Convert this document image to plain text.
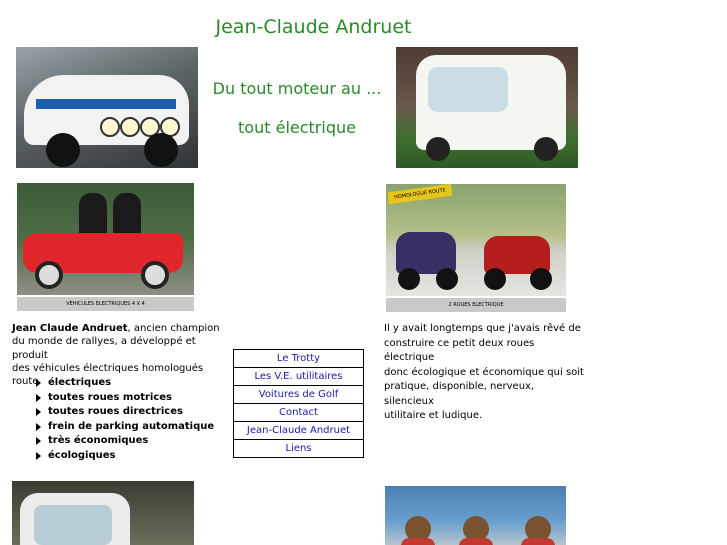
Jean-Claude Andruet
Du tout moteur au ...
tout électrique
VEHICULES ELECTRIQUES 4 X 4
HOMOLOGUE ROUTE
2 ROUES ELECTRIQUE
Jean Claude Andruet, ancien champion
du monde de rallyes, a développé et produit
des véhicules électriques homologués route électriques
toutes roues motrices
toutes roues directrices
frein de parking automatique
très économiques
écologiques
Le Trotty
Les V.E. utilitaires
Voitures de Golf
Contact
Jean-Claude Andruet
Liens
Il y avait longtemps que j'avais rêvé de
construire ce petit deux roues électrique
donc écologique et économique qui soit
pratique, disponible, nerveux, silencieux
utilitaire et ludique.
